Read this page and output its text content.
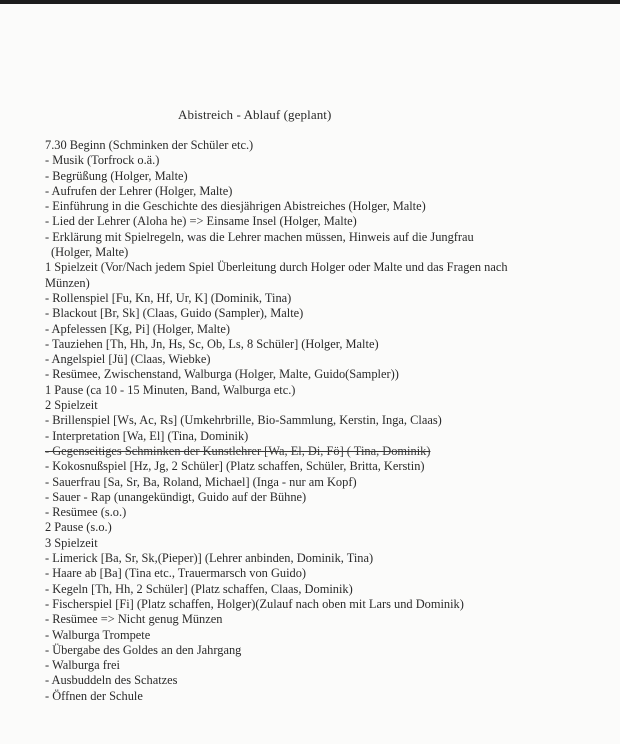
Abistreich - Ablauf (geplant)
7.30 Beginn (Schminken der Schüler etc.)
- Musik (Torfrock o.ä.)
- Begrüßung (Holger, Malte)
- Aufrufen der Lehrer (Holger, Malte)
- Einführung in die Geschichte des diesjährigen Abistreiches (Holger, Malte)
- Lied der Lehrer (Aloha he) => Einsame Insel (Holger, Malte)
- Erklärung mit Spielregeln, was die Lehrer machen müssen, Hinweis auf die Jungfrau
(Holger, Malte)
1 Spielzeit (Vor/Nach jedem Spiel Überleitung durch Holger oder Malte und das Fragen nach
Münzen)
- Rollenspiel [Fu, Kn, Hf, Ur, K] (Dominik, Tina)
- Blackout [Br, Sk] (Claas, Guido (Sampler), Malte)
- Apfelessen [Kg, Pi] (Holger, Malte)
- Tauziehen [Th, Hh, Jn, Hs, Sc, Ob, Ls, 8 Schüler] (Holger, Malte)
- Angelspiel [Jü] (Claas, Wiebke)
- Resümee, Zwischenstand, Walburga (Holger, Malte, Guido(Sampler))
1 Pause (ca 10 - 15 Minuten, Band, Walburga etc.)
2 Spielzeit
- Brillenspiel [Ws, Ac, Rs] (Umkehrbrille, Bio-Sammlung, Kerstin, Inga, Claas)
- Interpretation [Wa, El] (Tina, Dominik)
- Gegenseitiges Schminken der Kunstlehrer [Wa, El, Di, Fö] ( Tina, Dominik)
- Kokosnußspiel [Hz, Jg, 2 Schüler] (Platz schaffen, Schüler, Britta, Kerstin)
- Sauerfrau [Sa, Sr, Ba, Roland, Michael] (Inga - nur am Kopf)
- Sauer - Rap (unangekündigt, Guido auf der Bühne)
- Resümee (s.o.)
2 Pause (s.o.)
3 Spielzeit
- Limerick [Ba, Sr, Sk,(Pieper)] (Lehrer anbinden, Dominik, Tina)
- Haare ab [Ba] (Tina etc., Trauermarsch von Guido)
- Kegeln [Th, Hh, 2 Schüler] (Platz schaffen, Claas, Dominik)
- Fischerspiel [Fi] (Platz schaffen, Holger)(Zulauf nach oben mit Lars und Dominik)
- Resümee => Nicht genug Münzen
- Walburga Trompete
- Übergabe des Goldes an den Jahrgang
- Walburga frei
- Ausbuddeln des Schatzes
- Öffnen der Schule
